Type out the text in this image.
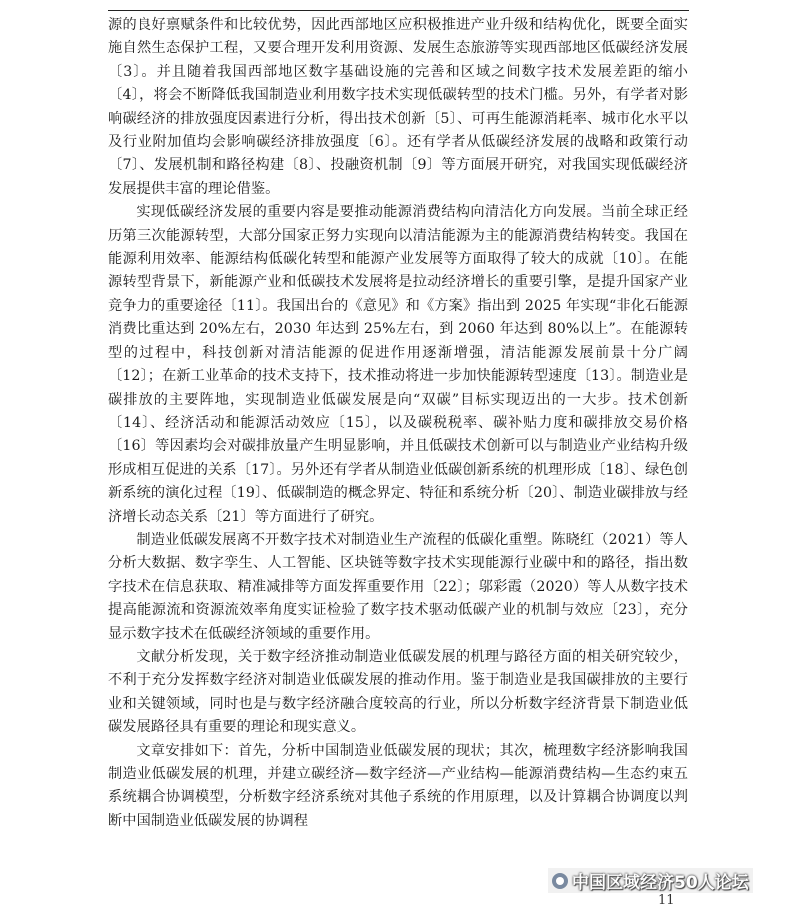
源的良好禀赋条件和比较优势，因此西部地区应积极推进产业升级和结构优化，既要全面实施自然生态保护工程，又要合理开发利用资源、发展生态旅游等实现西部地区低碳经济发展〔3〕。并且随着我国西部地区数字基础设施的完善和区域之间数字技术发展差距的缩小〔4〕，将会不断降低我国制造业利用数字技术实现低碳转型的技术门槛。另外，有学者对影响碳经济的排放强度因素进行分析，得出技术创新〔5〕、可再生能源消耗率、城市化水平以及行业附加值均会影响碳经济排放强度〔6〕。还有学者从低碳经济发展的战略和政策行动〔7〕、发展机制和路径构建〔8〕、投融资机制〔9〕等方面展开研究，对我国实现低碳经济发展提供丰富的理论借鉴。

实现低碳经济发展的重要内容是要推动能源消费结构向清洁化方向发展。当前全球正经历第三次能源转型，大部分国家正努力实现向以清洁能源为主的能源消费结构转变。我国在能源利用效率、能源结构低碳化转型和能源产业发展等方面取得了较大的成就〔10〕。在能源转型背景下，新能源产业和低碳技术发展将是拉动经济增长的重要引擎，是提升国家产业竞争力的重要途径〔11〕。我国出台的《意见》和《方案》指出到 2025 年实现“非化石能源消费比重达到 20%左右，2030 年达到 25%左右，到 2060 年达到 80%以上”。在能源转型的过程中，科技创新对清洁能源的促进作用逐渐增强，清洁能源发展前景十分广阔〔12〕；在新工业革命的技术支持下，技术推动将进一步加快能源转型速度〔13〕。制造业是碳排放的主要阵地，实现制造业低碳发展是向“双碳”目标实现迈出的一大步。技术创新〔14〕、经济活动和能源活动效应〔15〕，以及碳税税率、碳补贴力度和碳排放交易价格〔16〕等因素均会对碳排放量产生明显影响，并且低碳技术创新可以与制造业产业结构升级形成相互促进的关系〔17〕。另外还有学者从制造业低碳创新系统的机理形成〔18〕、绿色创新系统的演化过程〔19〕、低碳制造的概念界定、特征和系统分析〔20〕、制造业碳排放与经济增长动态关系〔21〕等方面进行了研究。

制造业低碳发展离不开数字技术对制造业生产流程的低碳化重塑。陈晓红（2021）等人分析大数据、数字孪生、人工智能、区块链等数字技术实现能源行业碳中和的路径，指出数字技术在信息获取、精准减排等方面发挥重要作用〔22〕；邬彩霞（2020）等人从数字技术提高能源流和资源流效率角度实证检验了数字技术驱动低碳产业的机制与效应〔23〕，充分显示数字技术在低碳经济领域的重要作用。

文献分析发现，关于数字经济推动制造业低碳发展的机理与路径方面的相关研究较少，不利于充分发挥数字经济对制造业低碳发展的推动作用。鉴于制造业是我国碳排放的主要行业和关键领域，同时也是与数字经济融合度较高的行业，所以分析数字经济背景下制造业低碳发展路径具有重要的理论和现实意义。

文章安排如下：首先，分析中国制造业低碳发展的现状；其次，梳理数字经济影响我国制造业低碳发展的机理，并建立碳经济—数字经济—产业结构—能源消费结构—生态约束五系统耦合协调模型，分析数字经济系统对其他子系统的作用原理，以及计算耦合协调度以判断中国制造业低碳发展的协调程

中国区域经济50人论坛
11
